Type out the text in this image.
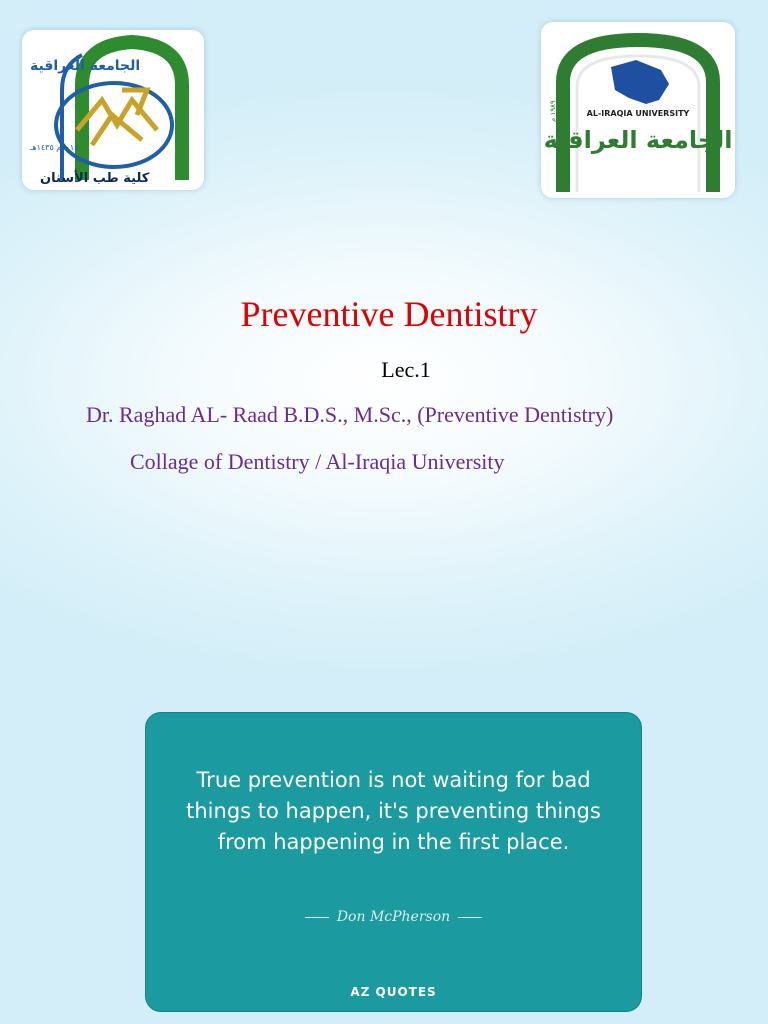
الجامعة العراقية
كلية طب الأسنان
٢٠١٤م ١٤٣٥هـ
AL-IRAQIA UNIVERSITY
الجامعة العراقية
١٩٨٩ م
Preventive Dentistry
Lec.1
Dr. Raghad AL- Raad B.D.S., M.Sc., (Preventive Dentistry)
Collage of Dentistry / Al-Iraqia University
True prevention is not waiting for bad things to happen, it's preventing things from happening in the first place.
Don McPherson
AZ QUOTES
